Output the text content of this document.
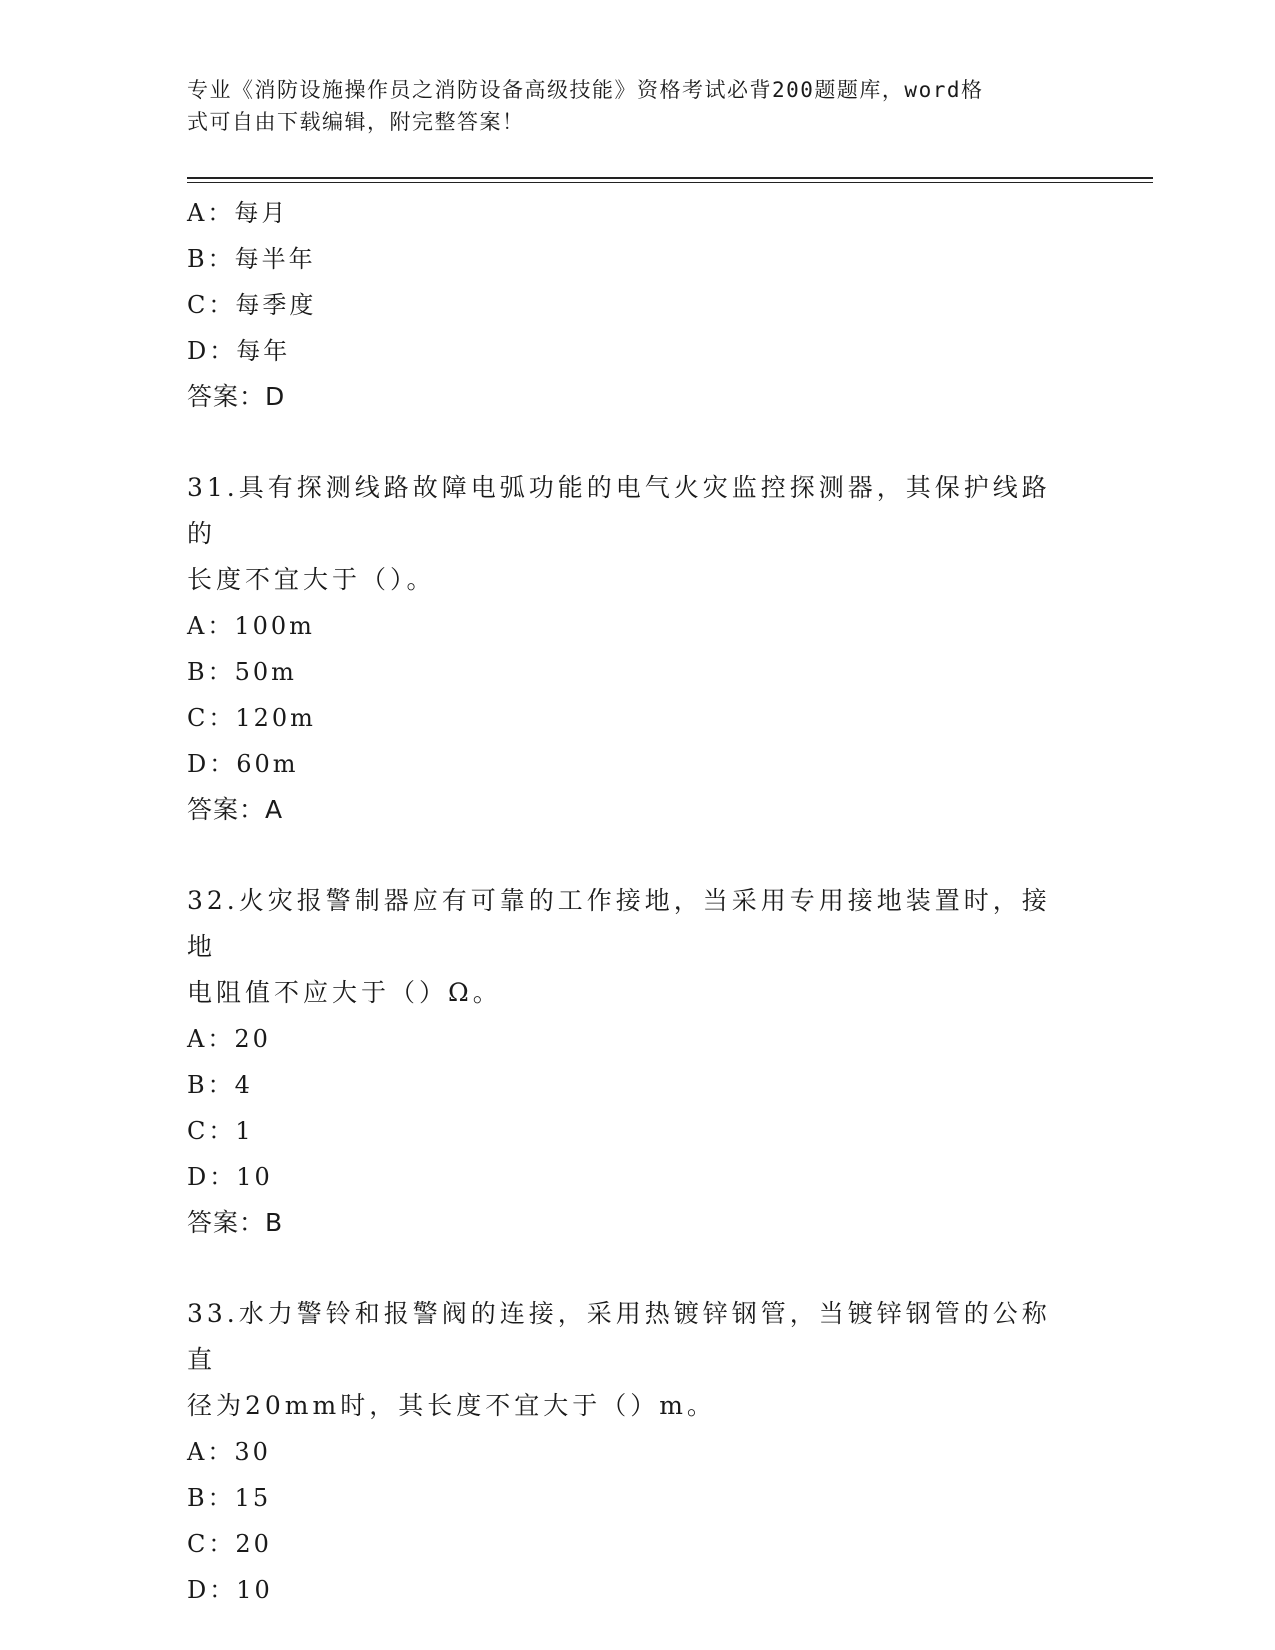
专业《消防设施操作员之消防设备高级技能》资格考试必背200题题库，word格
式可自由下载编辑，附完整答案！
A：每月
B：每半年
C：每季度
D：每年
答案：D
31.具有探测线路故障电弧功能的电气火灾监控探测器，其保护线路的
长度不宜大于（）。
A：100m
B：50m
C：120m
D：60m
答案：A
32.火灾报警制器应有可靠的工作接地，当采用专用接地装置时，接地
电阻值不应大于（）Ω。
A：20
B：4
C：1
D：10
答案：B
33.水力警铃和报警阀的连接，采用热镀锌钢管，当镀锌钢管的公称直
径为20mm时，其长度不宜大于（）m。
A：30
B：15
C：20
D：10
